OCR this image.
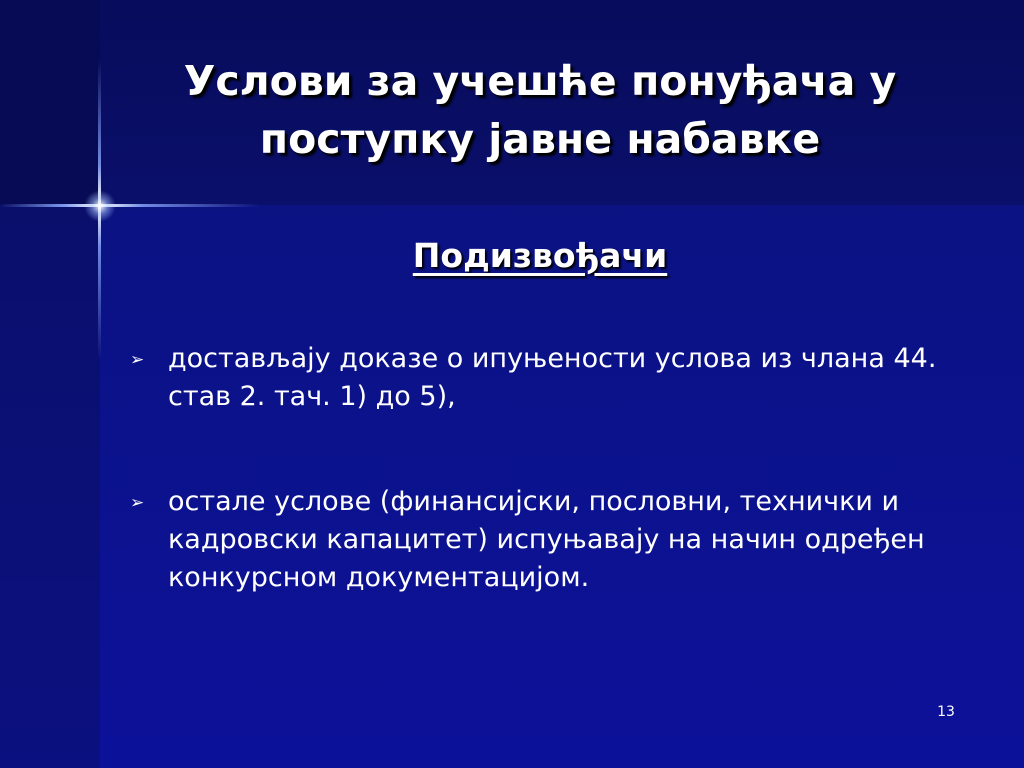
Услови за учешће понуђача у поступку јавне набавке
Подизвођачи
➢ достављају доказе о ипуњености услова из члана 44. став 2. тач. 1) до 5),
➢ остале услове (финансијски, пословни, технички и кадровски капацитет) испуњавају на начин одређен конкурсном документацијом.
13
